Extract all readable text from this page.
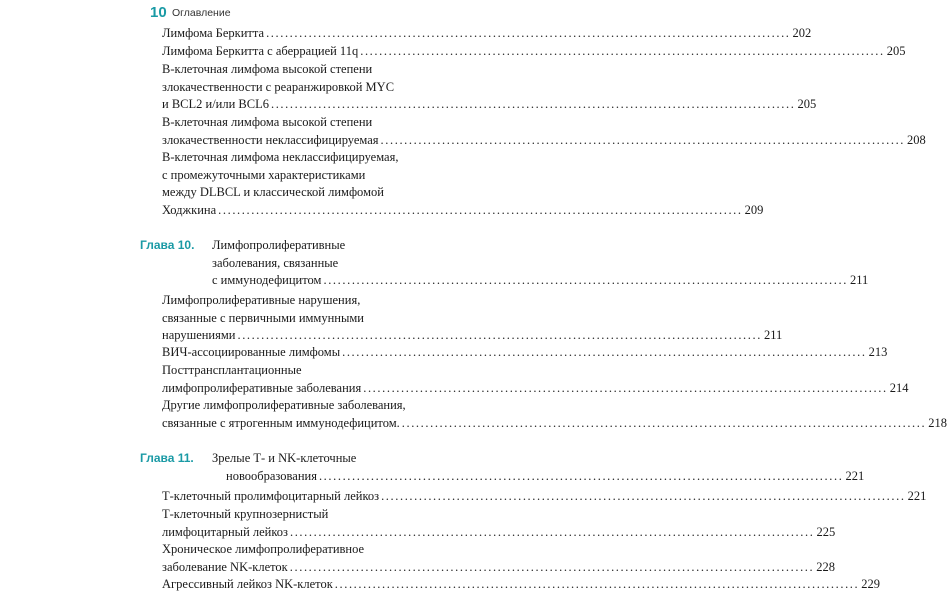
10 Оглавление
Лимфома Беркитта ............................................................................................................... 202
Лимфома Беркитта с аберрацией 11q ............................................................................................................... 205
В-клеточная лимфома высокой степени
злокачественности с реаранжировкой MYC
и BCL2 и/или BCL6 ............................................................................................................... 205
В-клеточная лимфома высокой степени
злокачественности неклассифицируемая ............................................................................................................... 208
В-клеточная лимфома неклассифицируемая,
с промежуточными характеристиками
между DLBCL и классической лимфомой
Ходжкина ............................................................................................................... 209
Глава 10. Лимфопролиферативные
заболевания, связанные
с иммунодефицитом ............................................................................................................... 211
Лимфопролиферативные нарушения,
связанные с первичными иммунными
нарушениями ............................................................................................................... 211
ВИЧ-ассоциированные лимфомы ............................................................................................................... 213
Посттрансплантационные
лимфопролиферативные заболевания ............................................................................................................... 214
Другие лимфопролиферативные заболевания,
связанные с ятрогенным иммунодефицитом. ............................................................................................................... 218
Глава 11. Зрелые Т- и NK-клеточные
новообразования ............................................................................................................... 221
Т-клеточный пролимфоцитарный лейкоз ............................................................................................................... 221
Т-клеточный крупнозернистый
лимфоцитарный лейкоз ............................................................................................................... 225
Хроническое лимфопролиферативное
заболевание NK-клеток ............................................................................................................... 228
Агрессивный лейкоз NK-клеток ............................................................................................................... 229
